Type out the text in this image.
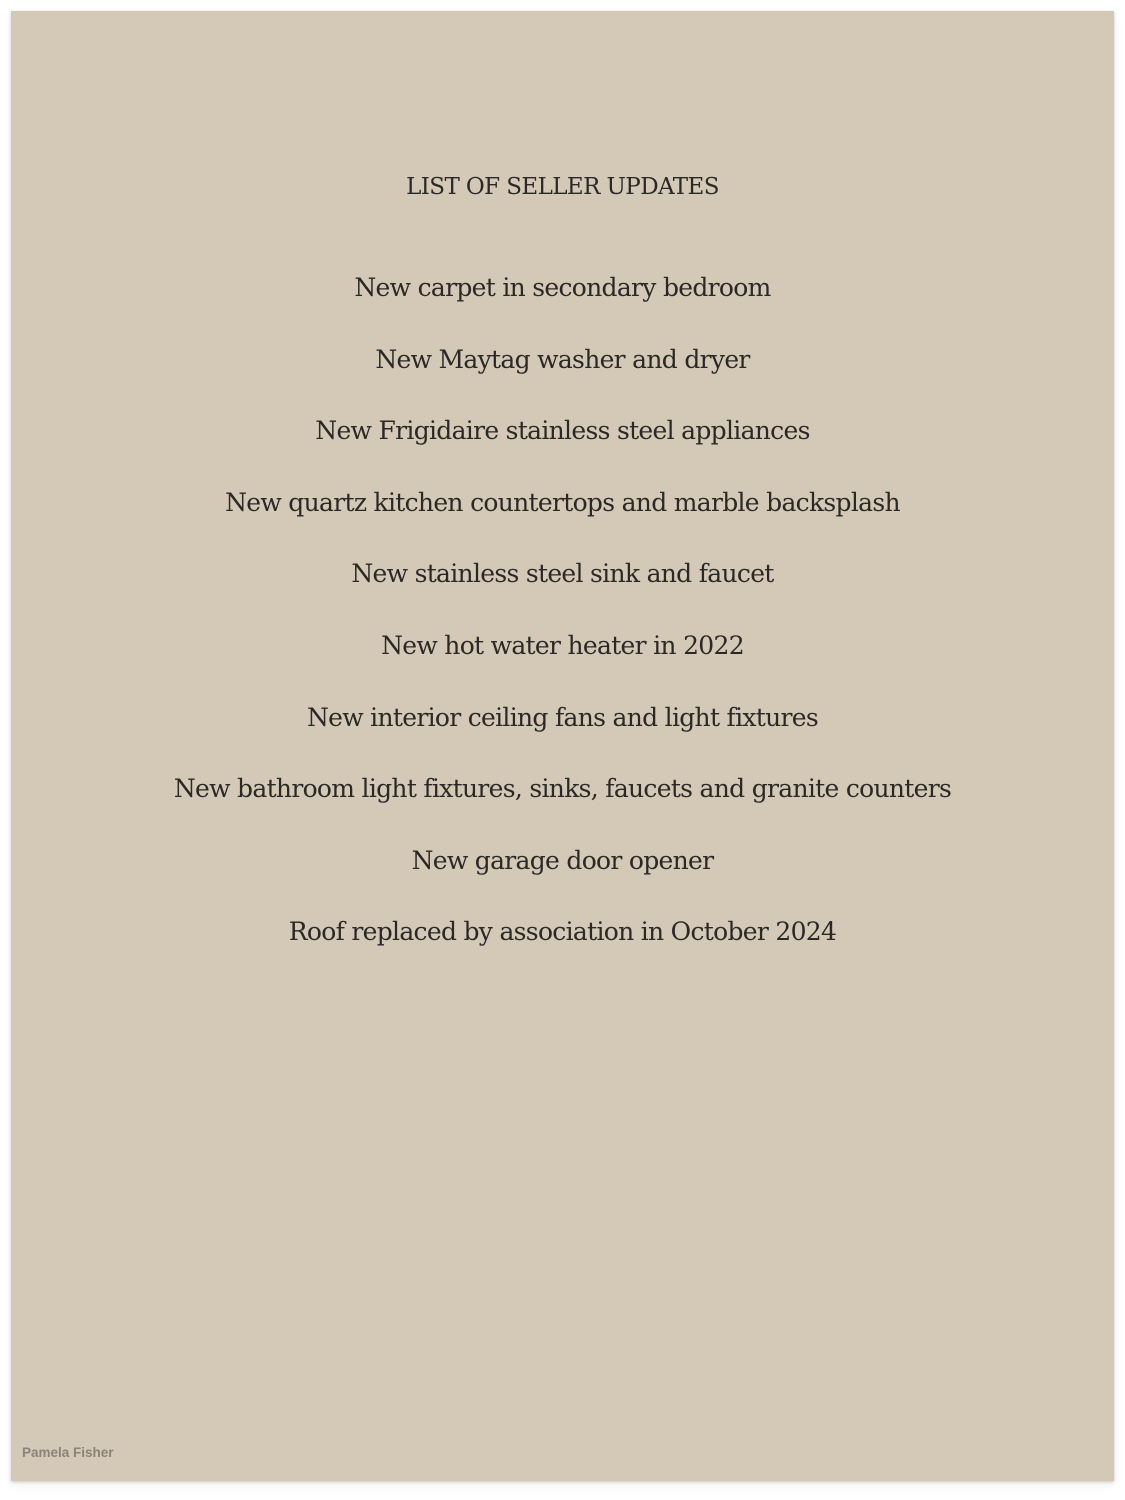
LIST OF SELLER UPDATES
New carpet in secondary bedroom
New Maytag washer and dryer
New Frigidaire stainless steel appliances
New quartz kitchen countertops and marble backsplash
New stainless steel sink and faucet
New hot water heater in 2022
New interior ceiling fans and light fixtures
New bathroom light fixtures, sinks, faucets and granite counters
New garage door opener
Roof replaced by association in October 2024
Pamela Fisher
